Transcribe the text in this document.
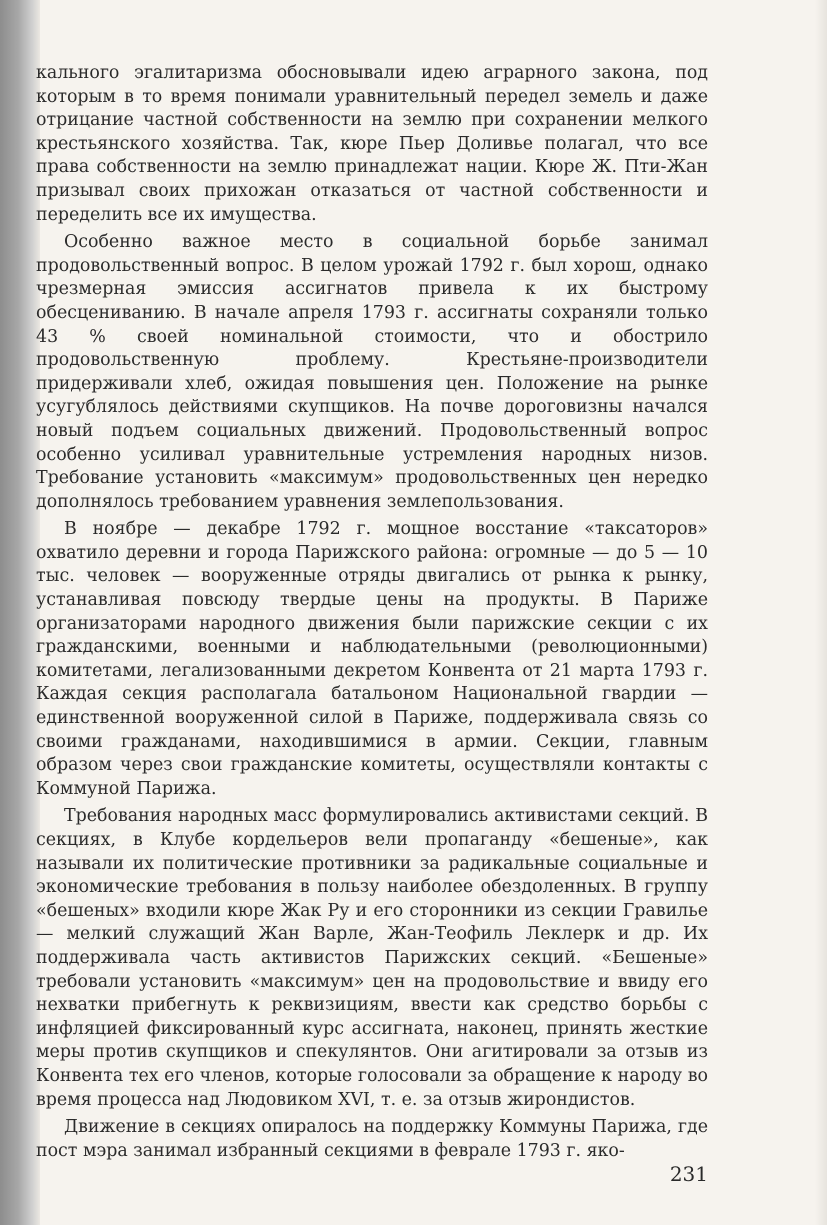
кального эгалитаризма обосновывали идею аграрного закона, под которым в то время понимали уравнительный передел земель и даже отрицание частной собственности на землю при сохранении мелкого крестьянского хозяйства. Так, кюре Пьер Доливье полагал, что все права собственности на землю принадлежат нации. Кюре Ж. Пти-Жан призывал своих прихожан отказаться от частной собственности и переделить все их имущества.

Особенно важное место в социальной борьбе занимал продовольственный вопрос. В целом урожай 1792 г. был хорош, однако чрезмерная эмиссия ассигнатов привела к их быстрому обесцениванию. В начале апреля 1793 г. ассигнаты сохраняли только 43 % своей номинальной стоимости, что и обострило продовольственную проблему. Крестьяне-производители придерживали хлеб, ожидая повышения цен. Положение на рынке усугублялось действиями скупщиков. На почве дороговизны начался новый подъем социальных движений. Продовольственный вопрос особенно усиливал уравнительные устремления народных низов. Требование установить «максимум» продовольственных цен нередко дополнялось требованием уравнения землепользования.

В ноябре — декабре 1792 г. мощное восстание «таксаторов» охватило деревни и города Парижского района: огромные — до 5 — 10 тыс. человек — вооруженные отряды двигались от рынка к рынку, устанавливая повсюду твердые цены на продукты. В Париже организаторами народного движения были парижские секции с их гражданскими, военными и наблюдательными (революционными) комитетами, легализованными декретом Конвента от 21 марта 1793 г. Каждая секция располагала батальоном Национальной гвардии — единственной вооруженной силой в Париже, поддерживала связь со своими гражданами, находившимися в армии. Секции, главным образом через свои гражданские комитеты, осуществляли контакты с Коммуной Парижа.

Требования народных масс формулировались активистами секций. В секциях, в Клубе кордельеров вели пропаганду «бешеные», как называли их политические противники за радикальные социальные и экономические требования в пользу наиболее обездоленных. В группу «бешеных» входили кюре Жак Ру и его сторонники из секции Гравилье — мелкий служащий Жан Варле, Жан-Теофиль Леклерк и др. Их поддерживала часть активистов Парижских секций. «Бешеные» требовали установить «максимум» цен на продовольствие и ввиду его нехватки прибегнуть к реквизициям, ввести как средство борьбы с инфляцией фиксированный курс ассигната, наконец, принять жесткие меры против скупщиков и спекулянтов. Они агитировали за отзыв из Конвента тех его членов, которые голосовали за обращение к народу во время процесса над Людовиком XVI, т. е. за отзыв жирондистов.

Движение в секциях опиралось на поддержку Коммуны Парижа, где пост мэра занимал избранный секциями в феврале 1793 г. яко-

231
